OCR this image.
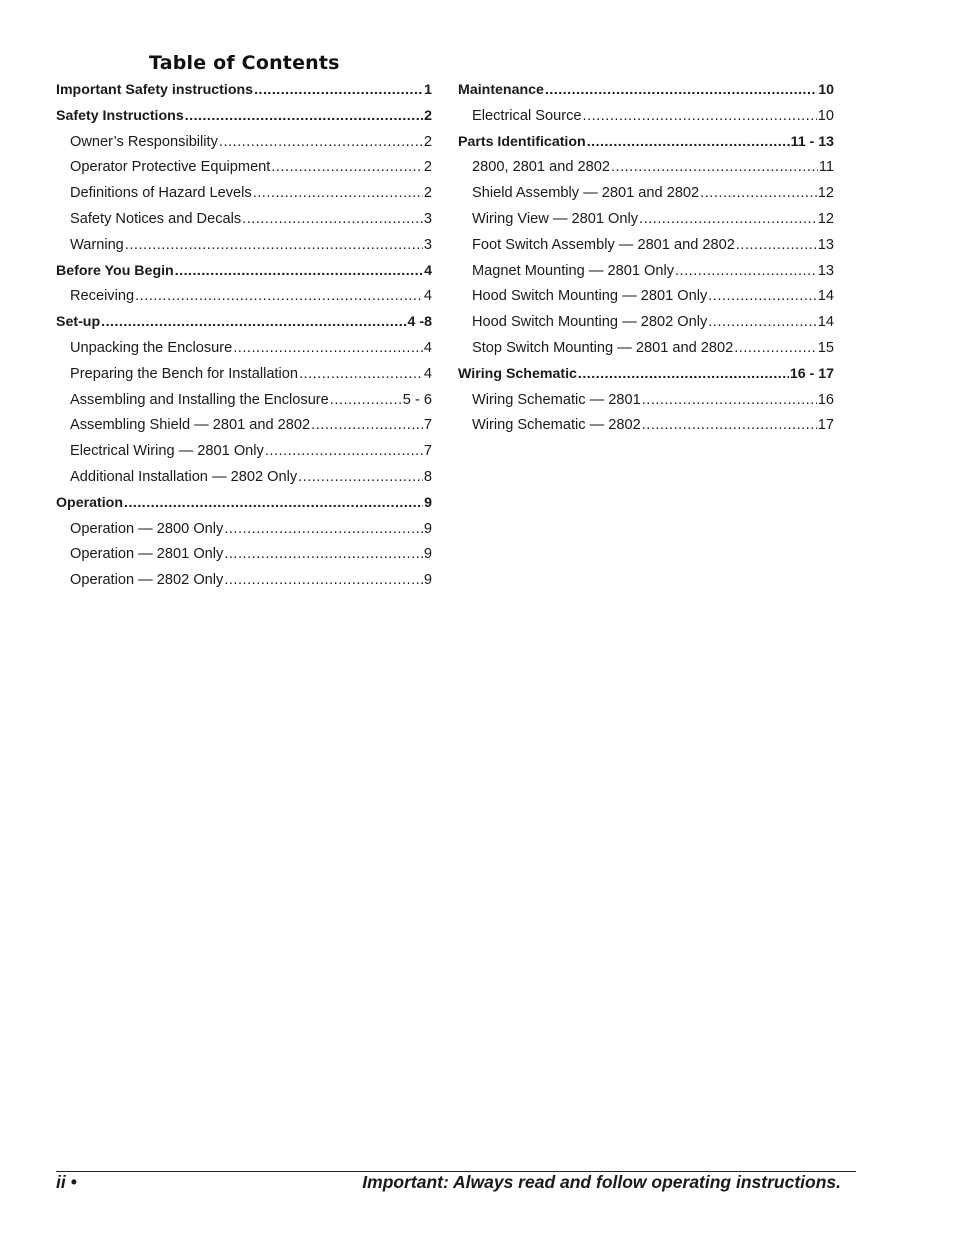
Table of Contents
Important Safety instructions .....	1
Safety Instructions .....	2
Owner’s Responsibility .....	2
Operator Protective Equipment .....	2
Definitions of Hazard Levels .....	2
Safety Notices and Decals .....	3
Warning .....	3
Before You Begin .....	4
Receiving .....	4
Set-up .....	4 -8
Unpacking the Enclosure .....	4
Preparing the Bench for Installation .....	4
Assembling and Installing the Enclosure .....	5 - 6
Assembling Shield — 2801 and 2802 .....	7
Electrical Wiring — 2801 Only .....	7
Additional Installation — 2802 Only .....	8
Operation .....	9
Operation — 2800 Only .....	9
Operation — 2801 Only .....	9
Operation — 2802 Only .....	9
Maintenance .....	10
Electrical Source .....	10
Parts Identification .....	11 - 13
2800, 2801 and 2802 .....	11
Shield Assembly — 2801 and 2802 .....	12
Wiring View — 2801 Only .....	12
Foot Switch Assembly — 2801 and 2802 .....	13
Magnet Mounting — 2801 Only .....	13
Hood Switch Mounting — 2801 Only .....	14
Hood Switch Mounting — 2802 Only .....	14
Stop Switch Mounting — 2801 and 2802 .....	15
Wiring Schematic .....	16 - 17
Wiring Schematic — 2801 .....	16
Wiring Schematic — 2802 .....	17
ii •	Important: Always read and follow operating instructions.
